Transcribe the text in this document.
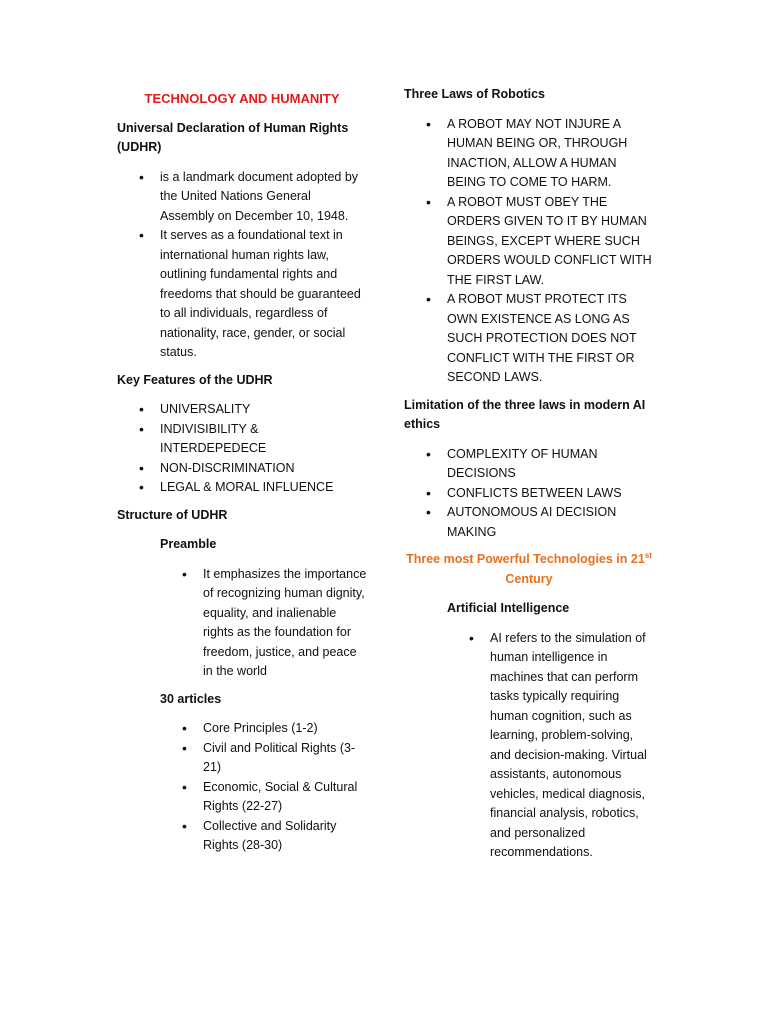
TECHNOLOGY AND HUMANITY
Universal Declaration of Human Rights (UDHR)
• is a landmark document adopted by the United Nations General Assembly on December 10, 1948.
• It serves as a foundational text in international human rights law, outlining fundamental rights and freedoms that should be guaranteed to all individuals, regardless of nationality, race, gender, or social status.
Key Features of the UDHR
• UNIVERSALITY
• INDIVISIBILITY & INTERDEPEDECE
• NON-DISCRIMINATION
• LEGAL & MORAL INFLUENCE
Structure of UDHR
Preamble
• It emphasizes the importance of recognizing human dignity, equality, and inalienable rights as the foundation for freedom, justice, and peace in the world
30 articles
• Core Principles (1-2)
• Civil and Political Rights (3-21)
• Economic, Social & Cultural Rights (22-27)
• Collective and Solidarity Rights (28-30)
Three Laws of Robotics
• A ROBOT MAY NOT INJURE A HUMAN BEING OR, THROUGH INACTION, ALLOW A HUMAN BEING TO COME TO HARM.
• A ROBOT MUST OBEY THE ORDERS GIVEN TO IT BY HUMAN BEINGS, EXCEPT WHERE SUCH ORDERS WOULD CONFLICT WITH THE FIRST LAW.
• A ROBOT MUST PROTECT ITS OWN EXISTENCE AS LONG AS SUCH PROTECTION DOES NOT CONFLICT WITH THE FIRST OR SECOND LAWS.
Limitation of the three laws in modern AI ethics
• COMPLEXITY OF HUMAN DECISIONS
• CONFLICTS BETWEEN LAWS
• AUTONOMOUS AI DECISION MAKING
Three most Powerful Technologies in 21st
Century
Artificial Intelligence
• AI refers to the simulation of human intelligence in machines that can perform tasks typically requiring human cognition, such as learning, problem-solving, and decision-making. Virtual assistants, autonomous vehicles, medical diagnosis, financial analysis, robotics, and personalized recommendations.
